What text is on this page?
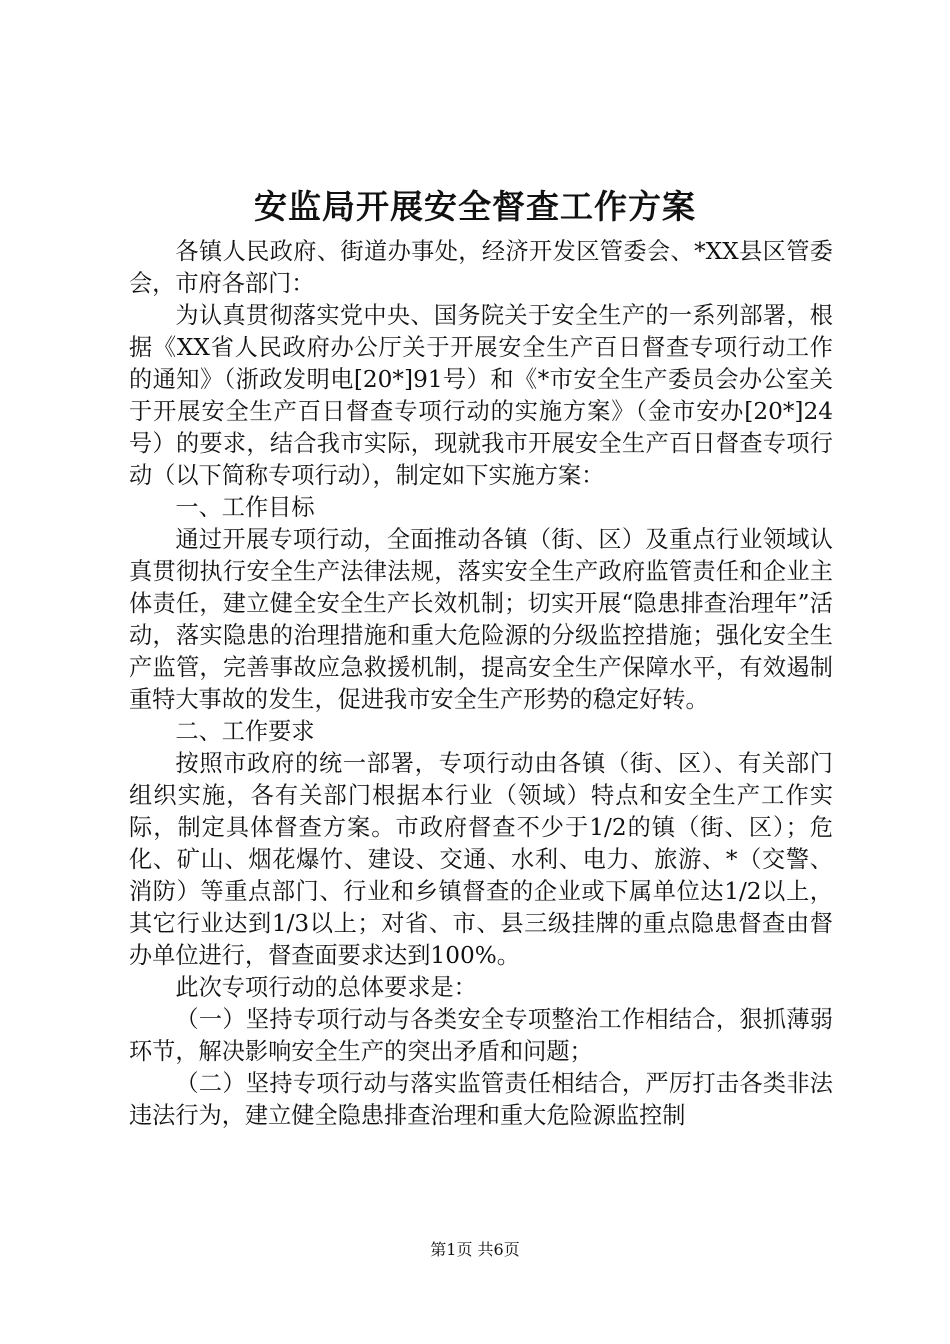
安监局开展安全督查工作方案

各镇人民政府、街道办事处，经济开发区管委会、*XX县区管委会，市府各部门：

为认真贯彻落实党中央、国务院关于安全生产的一系列部署，根据《XX省人民政府办公厅关于开展安全生产百日督查专项行动工作的通知》（浙政发明电[20*]91号）和《*市安全生产委员会办公室关于开展安全生产百日督查专项行动的实施方案》（金市安办[20*]24号）的要求，结合我市实际，现就我市开展安全生产百日督查专项行动（以下简称专项行动），制定如下实施方案：

一、工作目标

通过开展专项行动，全面推动各镇（街、区）及重点行业领域认真贯彻执行安全生产法律法规，落实安全生产政府监管责任和企业主体责任，建立健全安全生产长效机制；切实开展“隐患排查治理年”活动，落实隐患的治理措施和重大危险源的分级监控措施；强化安全生产监管，完善事故应急救援机制，提高安全生产保障水平，有效遏制重特大事故的发生，促进我市安全生产形势的稳定好转。

二、工作要求

按照市政府的统一部署，专项行动由各镇（街、区）、有关部门组织实施，各有关部门根据本行业（领域）特点和安全生产工作实际，制定具体督查方案。市政府督查不少于1/2的镇（街、区）；危化、矿山、烟花爆竹、建设、交通、水利、电力、旅游、*（交警、消防）等重点部门、行业和乡镇督查的企业或下属单位达1/2以上，其它行业达到1/3以上；对省、市、县三级挂牌的重点隐患督查由督办单位进行，督查面要求达到100%。

此次专项行动的总体要求是：

（一）坚持专项行动与各类安全专项整治工作相结合，狠抓薄弱环节，解决影响安全生产的突出矛盾和问题；

（二）坚持专项行动与落实监管责任相结合，严厉打击各类非法违法行为，建立健全隐患排查治理和重大危险源监控制

第1页 共6页
